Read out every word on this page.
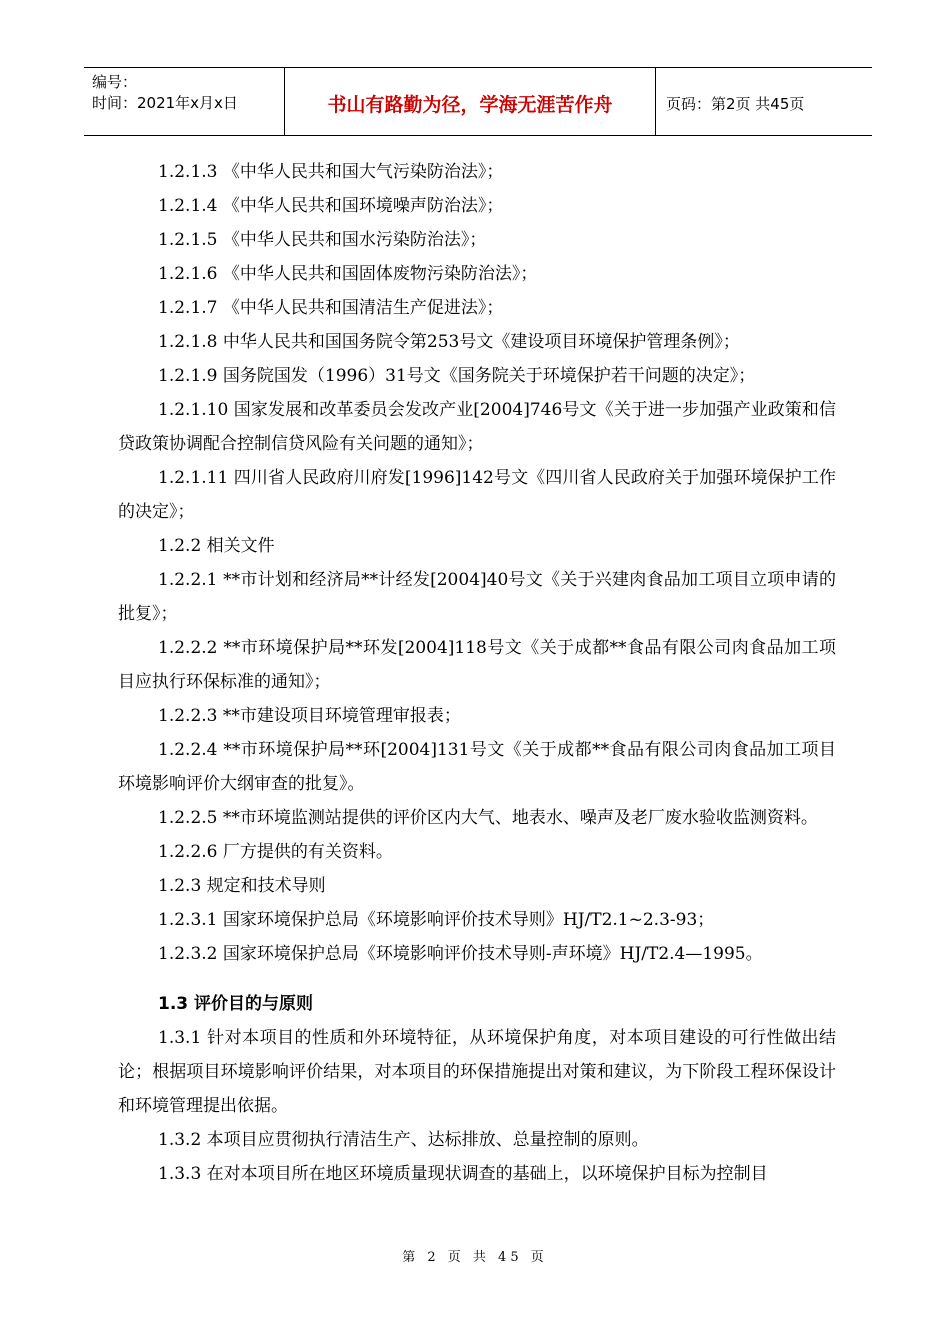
编号：
时间：2021年x月x日	书山有路勤为径，学海无涯苦作舟	页码：第2页 共45页

1.2.1.3 《中华人民共和国大气污染防治法》；

1.2.1.4 《中华人民共和国环境噪声防治法》；

1.2.1.5 《中华人民共和国水污染防治法》；

1.2.1.6 《中华人民共和国固体废物污染防治法》；

1.2.1.7 《中华人民共和国清洁生产促进法》；

1.2.1.8 中华人民共和国国务院令第253号文《建设项目环境保护管理条例》；

1.2.1.9 国务院国发（1996）31号文《国务院关于环境保护若干问题的决定》；

1.2.1.10 国家发展和改革委员会发改产业[2004]746号文《关于进一步加强产业政策和信贷政策协调配合控制信贷风险有关问题的通知》；

1.2.1.11 四川省人民政府川府发[1996]142号文《四川省人民政府关于加强环境保护工作的决定》；

1.2.2 相关文件

1.2.2.1 **市计划和经济局**计经发[2004]40号文《关于兴建肉食品加工项目立项申请的批复》；

1.2.2.2 **市环境保护局**环发[2004]118号文《关于成都**食品有限公司肉食品加工项目应执行环保标准的通知》；

1.2.2.3 **市建设项目环境管理审报表；

1.2.2.4 **市环境保护局**环[2004]131号文《关于成都**食品有限公司肉食品加工项目环境影响评价大纲审查的批复》。

1.2.2.5 **市环境监测站提供的评价区内大气、地表水、噪声及老厂废水验收监测资料。

1.2.2.6 厂方提供的有关资料。

1.2.3 规定和技术导则

1.2.3.1 国家环境保护总局《环境影响评价技术导则》HJ/T2.1~2.3-93；

1.2.3.2 国家环境保护总局《环境影响评价技术导则-声环境》HJ/T2.4—1995。

1.3 评价目的与原则

1.3.1 针对本项目的性质和外环境特征，从环境保护角度，对本项目建设的可行性做出结论；根据项目环境影响评价结果，对本项目的环保措施提出对策和建议，为下阶段工程环保设计和环境管理提出依据。

1.3.2 本项目应贯彻执行清洁生产、达标排放、总量控制的原则。

1.3.3 在对本项目所在地区环境质量现状调查的基础上，以环境保护目标为控制目

第 2 页 共 45 页
